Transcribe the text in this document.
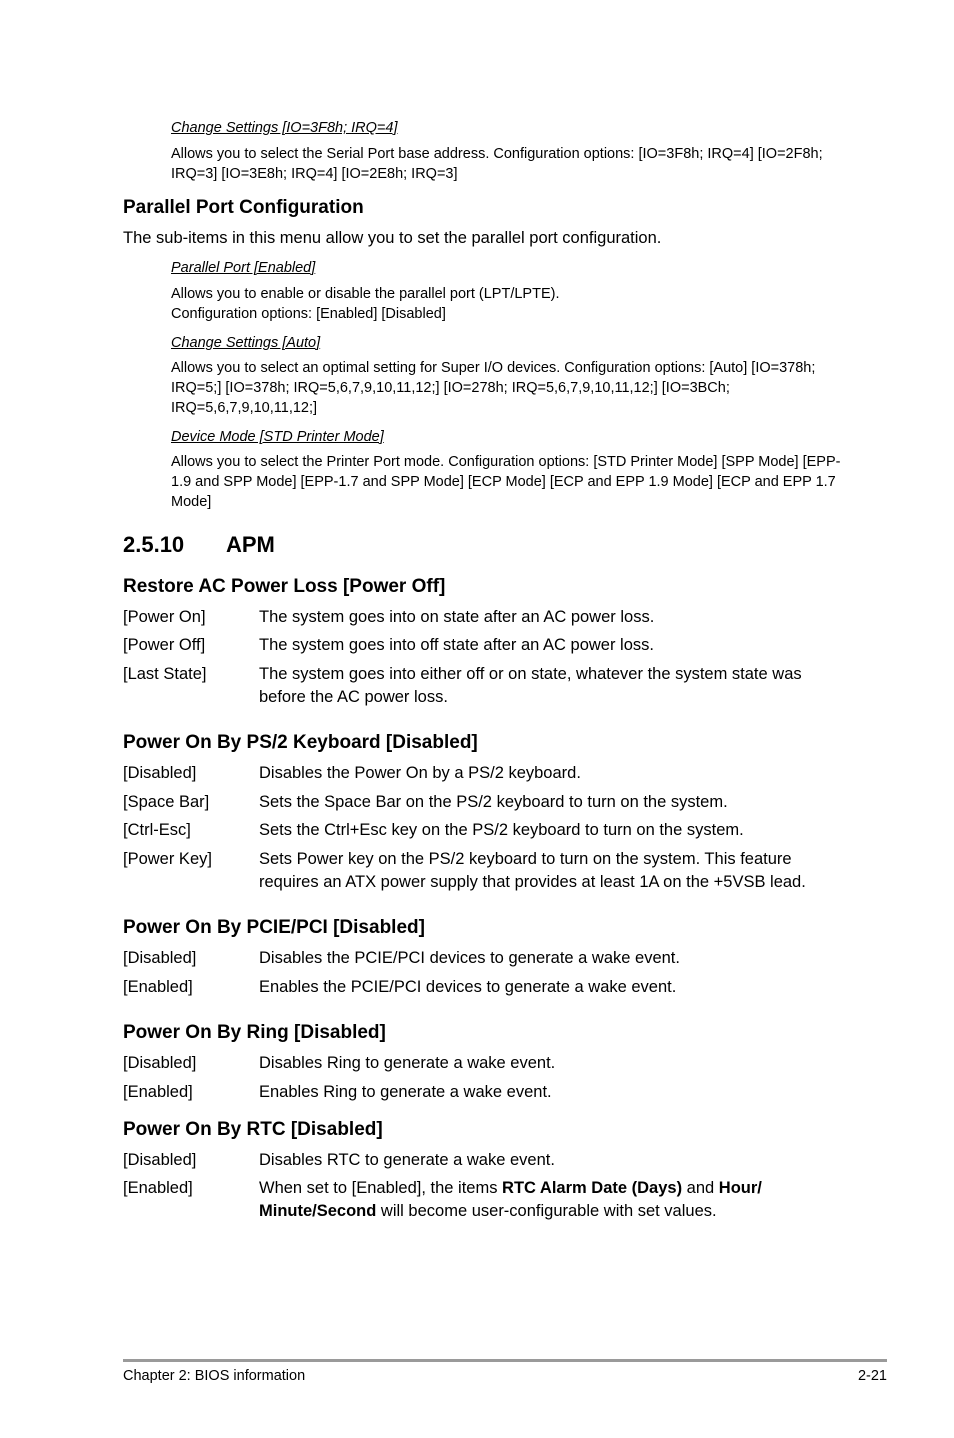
Change Settings [IO=3F8h; IRQ=4]
Allows you to select the Serial Port base address. Configuration options: [IO=3F8h; IRQ=4] [IO=2F8h; IRQ=3] [IO=3E8h; IRQ=4] [IO=2E8h; IRQ=3]
Parallel Port Configuration
The sub-items in this menu allow you to set the parallel port configuration.
Parallel Port [Enabled]
Allows you to enable or disable the parallel port (LPT/LPTE).
Configuration options: [Enabled] [Disabled]
Change Settings [Auto]
Allows you to select an optimal setting for Super I/O devices. Configuration options: [Auto] [IO=378h; IRQ=5;] [IO=378h; IRQ=5,6,7,9,10,11,12;] [IO=278h; IRQ=5,6,7,9,10,11,12;] [IO=3BCh; IRQ=5,6,7,9,10,11,12;]
Device Mode [STD Printer Mode]
Allows you to select the Printer Port mode. Configuration options: [STD Printer Mode] [SPP Mode] [EPP-1.9 and SPP Mode] [EPP-1.7 and SPP Mode] [ECP Mode] [ECP and EPP 1.9 Mode] [ECP and EPP 1.7 Mode]
2.5.10 APM
Restore AC Power Loss [Power Off]
[Power On]	The system goes into on state after an AC power loss.
[Power Off]	The system goes into off state after an AC power loss.
[Last State]	The system goes into either off or on state, whatever the system state was before the AC power loss.
Power On By PS/2 Keyboard [Disabled]
[Disabled]	Disables the Power On by a PS/2 keyboard.
[Space Bar]	Sets the Space Bar on the PS/2 keyboard to turn on the system.
[Ctrl-Esc]	Sets the Ctrl+Esc key on the PS/2 keyboard to turn on the system.
[Power Key]	Sets Power key on the PS/2 keyboard to turn on the system. This feature requires an ATX power supply that provides at least 1A on the +5VSB lead.
Power On By PCIE/PCI [Disabled]
[Disabled]	Disables the PCIE/PCI devices to generate a wake event.
[Enabled]	Enables the PCIE/PCI devices to generate a wake event.
Power On By Ring [Disabled]
[Disabled]	Disables Ring to generate a wake event.
[Enabled]	Enables Ring to generate a wake event.
Power On By RTC [Disabled]
[Disabled]	Disables RTC to generate a wake event.
[Enabled]	When set to [Enabled], the items RTC Alarm Date (Days) and Hour/ Minute/Second will become user-configurable with set values.
Chapter 2: BIOS information	2-21
